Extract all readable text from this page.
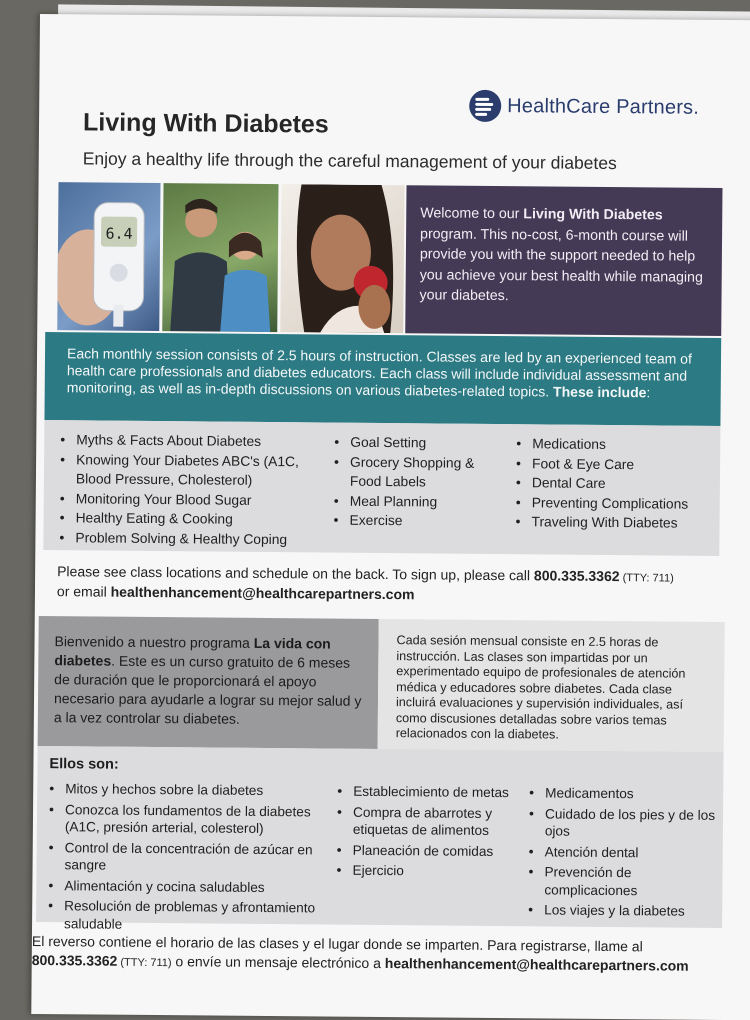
HealthCare Partners.
Living With Diabetes
Enjoy a healthy life through the careful management of your diabetes
6.4
Welcome to our Living With Diabetes program. This no-cost, 6-month course will provide you with the support needed to help you achieve your best health while managing your diabetes.
Each monthly session consists of 2.5 hours of instruction. Classes are led by an experienced team of health care professionals and diabetes educators. Each class will include individual assessment and monitoring, as well as in-depth discussions on various diabetes-related topics. These include:
• Myths & Facts About Diabetes
• Knowing Your Diabetes ABC's (A1C, Blood Pressure, Cholesterol)
• Monitoring Your Blood Sugar
• Healthy Eating & Cooking
• Problem Solving & Healthy Coping
• Goal Setting
• Grocery Shopping & Food Labels
• Meal Planning
• Exercise
• Medications
• Foot & Eye Care
• Dental Care
• Preventing Complications
• Traveling With Diabetes
Please see class locations and schedule on the back. To sign up, please call 800.335.3362 (TTY: 711)
or email healthenhancement@healthcarepartners.com
Bienvenido a nuestro programa La vida con diabetes. Este es un curso gratuito de 6 meses de duración que le proporcionará el apoyo necesario para ayudarle a lograr su mejor salud y a la vez controlar su diabetes.
Cada sesión mensual consiste en 2.5 horas de instrucción. Las clases son impartidas por un experimentado equipo de profesionales de atención médica y educadores sobre diabetes. Cada clase incluirá evaluaciones y supervisión individuales, así como discusiones detalladas sobre varios temas relacionados con la diabetes.
Ellos son:
• Mitos y hechos sobre la diabetes
• Conozca los fundamentos de la diabetes (A1C, presión arterial, colesterol)
• Control de la concentración de azúcar en sangre
• Alimentación y cocina saludables
• Resolución de problemas y afrontamiento saludable
• Establecimiento de metas
• Compra de abarrotes y etiquetas de alimentos
• Planeación de comidas
• Ejercicio
• Medicamentos
• Cuidado de los pies y de los ojos
• Atención dental
• Prevención de complicaciones
• Los viajes y la diabetes
El reverso contiene el horario de las clases y el lugar donde se imparten. Para registrarse, llame al
800.335.3362 (TTY: 711) o envíe un mensaje electrónico a healthenhancement@healthcarepartners.com
